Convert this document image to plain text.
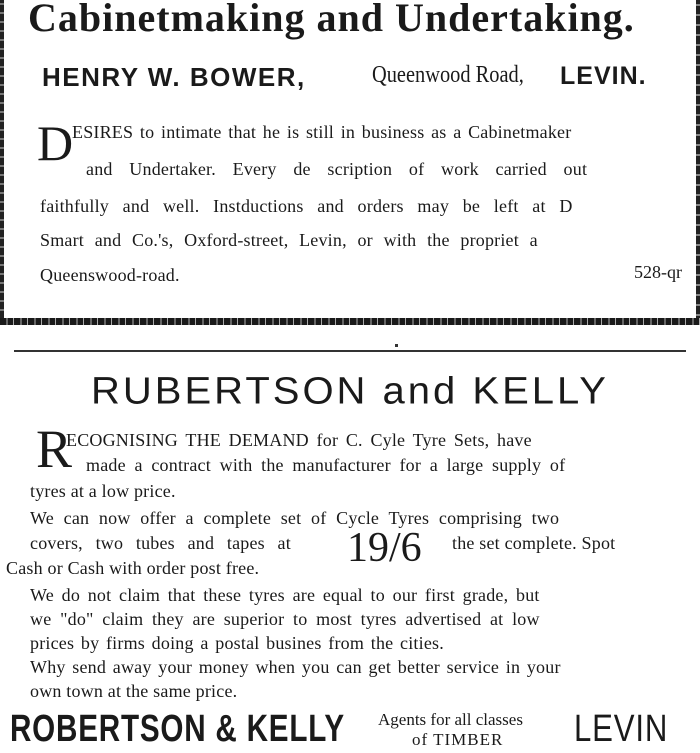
Cabinetmaking and Undertaking.
HENRY W. BOWER,	Queenwood Road, LEVIN.
D
ESIRES to intimate that he is still in business as a Cabinetmaker
and Undertaker. Every de scription of work carried out
faithfully and well. Instductions and orders may be left at D
Smart and Co.'s, Oxford-street, Levin, or with the propriet a
Queenswood-road.	528-qr
RUBERTSON and KELLY
R
ECOGNISING THE DEMAND for C. Cyle Tyre Sets, have
made a contract with the manufacturer for a large supply of
tyres at a low price.
We can now offer a complete set of Cycle Tyres comprising two
covers, two tubes and tapes at 19/6 the set complete. Spot
Cash or Cash with order post free.
We do not claim that these tyres are equal to our first grade, but
we "do" claim they are superior to most tyres advertised at low
prices by firms doing a postal busines from the cities.
Why send away your money when you can get better service in your
own town at the same price.
ROBERTSON & KELLY Agents for all classes
of TIMBER LEVIN
